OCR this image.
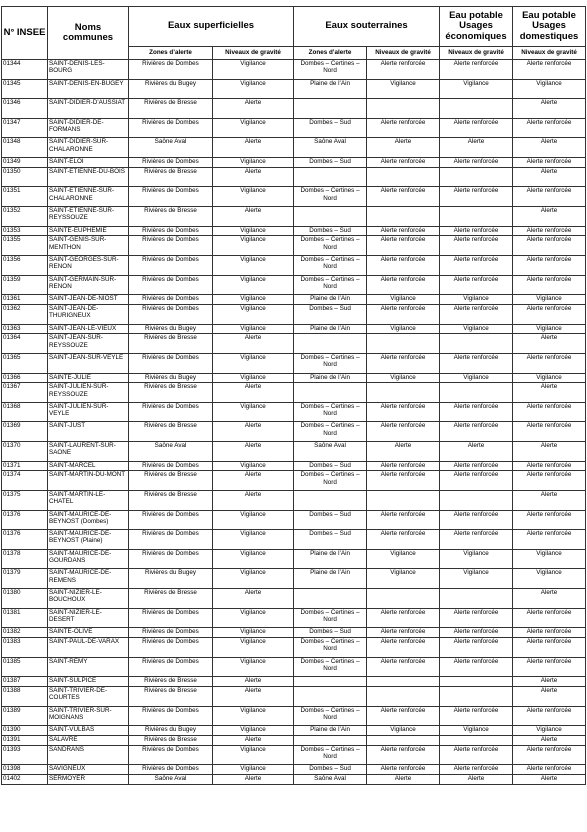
N° INSEE	Noms communes	Eaux superficielles		Eaux souterraines		Eau potable Usages économiques	Eau potable Usages domestiques
		Zones d’alerte	Niveaux de gravité	Zones d’alerte	Niveaux de gravité	Niveaux de gravité	Niveaux de gravité
01344	SAINT-DENIS-LES-BOURG	Rivières de Dombes	Vigilance	Dombes – Certines – Nord	Alerte renforcée	Alerte renforcée	Alerte renforcée
01345	SAINT-DENIS-EN-BUGEY	Rivières du Bugey	Vigilance	Plaine de l’Ain	Vigilance	Vigilance	Vigilance
01346	SAINT-DIDIER-D’AUSSIAT	Rivières de Bresse	Alerte				Alerte
01347	SAINT-DIDIER-DE-FORMANS	Rivières de Dombes	Vigilance	Dombes – Sud	Alerte renforcée	Alerte renforcée	Alerte renforcée
01348	SAINT-DIDIER-SUR-CHALARONNE	Saône Aval	Alerte	Saône Aval	Alerte	Alerte	Alerte
01349	SAINT-ELOI	Rivières de Dombes	Vigilance	Dombes – Sud	Alerte renforcée	Alerte renforcée	Alerte renforcée
01350	SAINT-ETIENNE-DU-BOIS	Rivières de Bresse	Alerte				Alerte
01351	SAINT-ETIENNE-SUR-CHALARONNE	Rivières de Dombes	Vigilance	Dombes – Certines – Nord	Alerte renforcée	Alerte renforcée	Alerte renforcée
01352	SAINT-ETIENNE-SUR-REYSSOUZE	Rivières de Bresse	Alerte				Alerte
01353	SAINTE-EUPHEMIE	Rivières de Dombes	Vigilance	Dombes – Sud	Alerte renforcée	Alerte renforcée	Alerte renforcée
01355	SAINT-GENIS-SUR-MENTHON	Rivières de Dombes	Vigilance	Dombes – Certines – Nord	Alerte renforcée	Alerte renforcée	Alerte renforcée
01356	SAINT-GEORGES-SUR-RENON	Rivières de Dombes	Vigilance	Dombes – Certines – Nord	Alerte renforcée	Alerte renforcée	Alerte renforcée
01359	SAINT-GERMAIN-SUR-RENON	Rivières de Dombes	Vigilance	Dombes – Certines – Nord	Alerte renforcée	Alerte renforcée	Alerte renforcée
01361	SAINT-JEAN-DE-NIOST	Rivières de Dombes	Vigilance	Plaine de l’Ain	Vigilance	Vigilance	Vigilance
01362	SAINT-JEAN-DE-THURIGNEUX	Rivières de Dombes	Vigilance	Dombes – Sud	Alerte renforcée	Alerte renforcée	Alerte renforcée
01363	SAINT-JEAN-LE-VIEUX	Rivières du Bugey	Vigilance	Plaine de l’Ain	Vigilance	Vigilance	Vigilance
01364	SAINT-JEAN-SUR-REYSSOUZE	Rivières de Bresse	Alerte				Alerte
01365	SAINT-JEAN-SUR-VEYLE	Rivières de Dombes	Vigilance	Dombes – Certines – Nord	Alerte renforcée	Alerte renforcée	Alerte renforcée
01366	SAINTE-JULIE	Rivières du Bugey	Vigilance	Plaine de l’Ain	Vigilance	Vigilance	Vigilance
01367	SAINT-JULIEN-SUR-REYSSOUZE	Rivières de Bresse	Alerte				Alerte
01368	SAINT-JULIEN-SUR-VEYLE	Rivières de Dombes	Vigilance	Dombes – Certines – Nord	Alerte renforcée	Alerte renforcée	Alerte renforcée
01369	SAINT-JUST	Rivières de Bresse	Alerte	Dombes – Certines – Nord	Alerte renforcée	Alerte renforcée	Alerte renforcée
01370	SAINT-LAURENT-SUR-SAONE	Saône Aval	Alerte	Saône Aval	Alerte	Alerte	Alerte
01371	SAINT-MARCEL	Rivières de Dombes	Vigilance	Dombes – Sud	Alerte renforcée	Alerte renforcée	Alerte renforcée
01374	SAINT-MARTIN-DU-MONT	Rivières de Bresse	Alerte	Dombes – Certines – Nord	Alerte renforcée	Alerte renforcée	Alerte renforcée
01375	SAINT-MARTIN-LE-CHATEL	Rivières de Bresse	Alerte				Alerte
01376	SAINT-MAURICE-DE-BEYNOST (Dombes)	Rivières de Dombes	Vigilance	Dombes – Sud	Alerte renforcée	Alerte renforcée	Alerte renforcée
01376	SAINT-MAURICE-DE-BEYNOST (Plaine)	Rivières de Dombes	Vigilance	Dombes – Sud	Alerte renforcée	Alerte renforcée	Alerte renforcée
01378	SAINT-MAURICE-DE-GOURDANS	Rivières de Dombes	Vigilance	Plaine de l’Ain	Vigilance	Vigilance	Vigilance
01379	SAINT-MAURICE-DE-REMENS	Rivières du Bugey	Vigilance	Plaine de l’Ain	Vigilance	Vigilance	Vigilance
01380	SAINT-NIZIER-LE-BOUCHOUX	Rivières de Bresse	Alerte				Alerte
01381	SAINT-NIZIER-LE-DESERT	Rivières de Dombes	Vigilance	Dombes – Certines – Nord	Alerte renforcée	Alerte renforcée	Alerte renforcée
01382	SAINTE-OLIVE	Rivières de Dombes	Vigilance	Dombes – Sud	Alerte renforcée	Alerte renforcée	Alerte renforcée
01383	SAINT-PAUL-DE-VARAX	Rivières de Dombes	Vigilance	Dombes – Certines – Nord	Alerte renforcée	Alerte renforcée	Alerte renforcée
01385	SAINT-REMY	Rivières de Dombes	Vigilance	Dombes – Certines – Nord	Alerte renforcée	Alerte renforcée	Alerte renforcée
01387	SAINT-SULPICE	Rivières de Bresse	Alerte				Alerte
01388	SAINT-TRIVIER-DE-COURTES	Rivières de Bresse	Alerte				Alerte
01389	SAINT-TRIVIER-SUR-MOIGNANS	Rivières de Dombes	Vigilance	Dombes – Certines – Nord	Alerte renforcée	Alerte renforcée	Alerte renforcée
01390	SAINT-VULBAS	Rivières du Bugey	Vigilance	Plaine de l’Ain	Vigilance	Vigilance	Vigilance
01391	SALAVRE	Rivières de Bresse	Alerte				Alerte
01393	SANDRANS	Rivières de Dombes	Vigilance	Dombes – Certines – Nord	Alerte renforcée	Alerte renforcée	Alerte renforcée
01398	SAVIGNEUX	Rivières de Dombes	Vigilance	Dombes – Sud	Alerte renforcée	Alerte renforcée	Alerte renforcée
01402	SERMOYER	Saône Aval	Alerte	Saône Aval	Alerte	Alerte	Alerte
